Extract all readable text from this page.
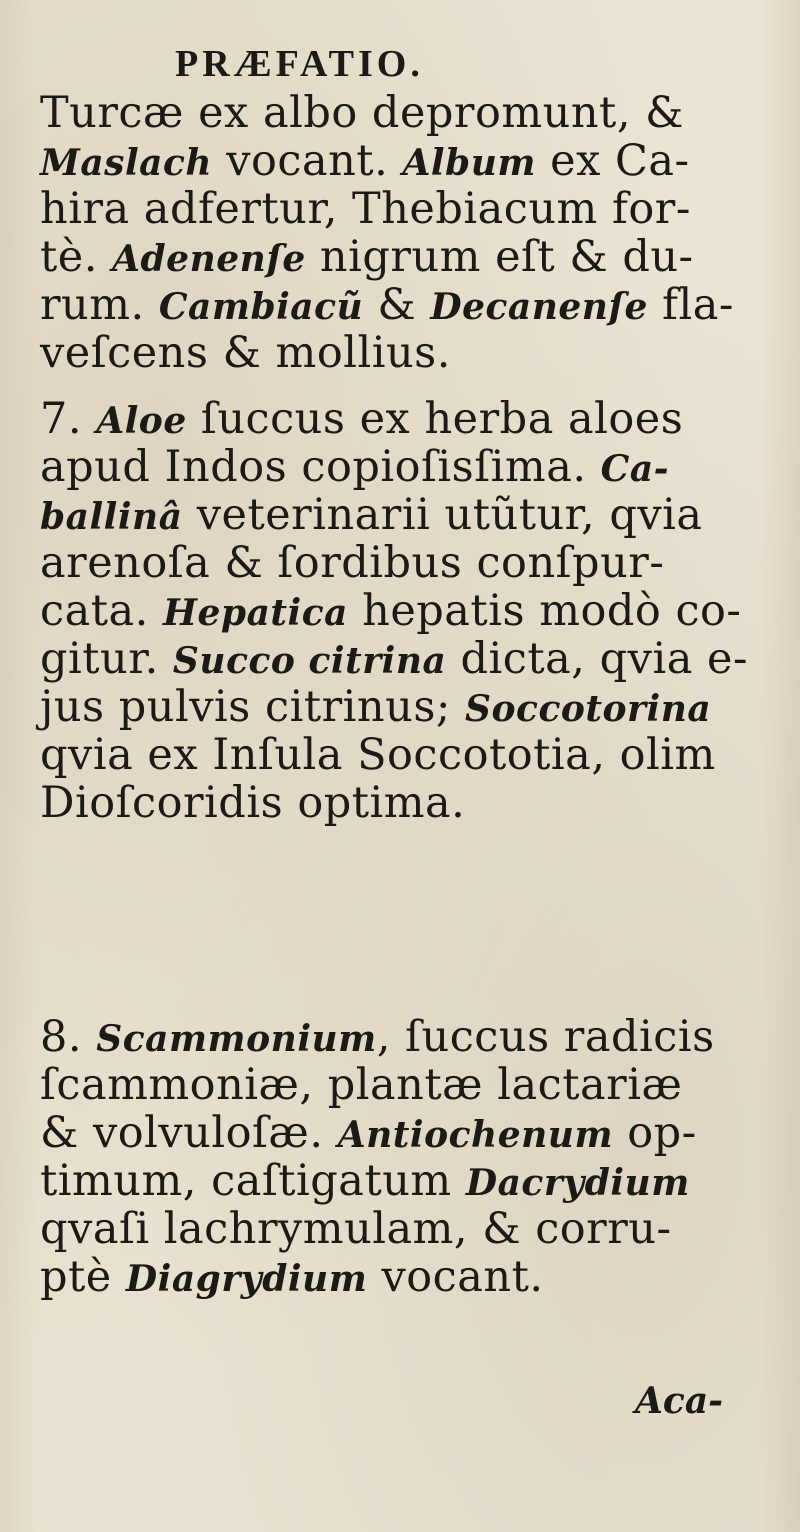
PRÆFATIO.
Turcæ ex albo depromunt, &
Maslach vocant. Album ex Ca-
hira adfertur, Thebiacum for-
tè. Adenenſe nigrum eſt & du-
rum. Cambiacũ & Decanenſe fla-
veſcens & mollius.
7. Aloe ſuccus ex herba aloes
apud Indos copioſisſima. Ca-
ballinâ veterinarii utũtur, qvia
arenoſa & ſordibus conſpur-
cata. Hepatica hepatis modò co-
gitur. Succo citrina dicta, qvia e-
jus pulvis citrinus; Soccotorina
qvia ex Inſula Soccototia, olim
Dioſcoridis optima.
8. Scammonium, ſuccus radicis
ſcammoniæ, plantæ lactariæ
& volvuloſæ. Antiochenum op-
timum, caſtigatum Dacrydium
qvaſi lachrymulam, & corru-
ptè Diagrydium vocant.
Aca-
